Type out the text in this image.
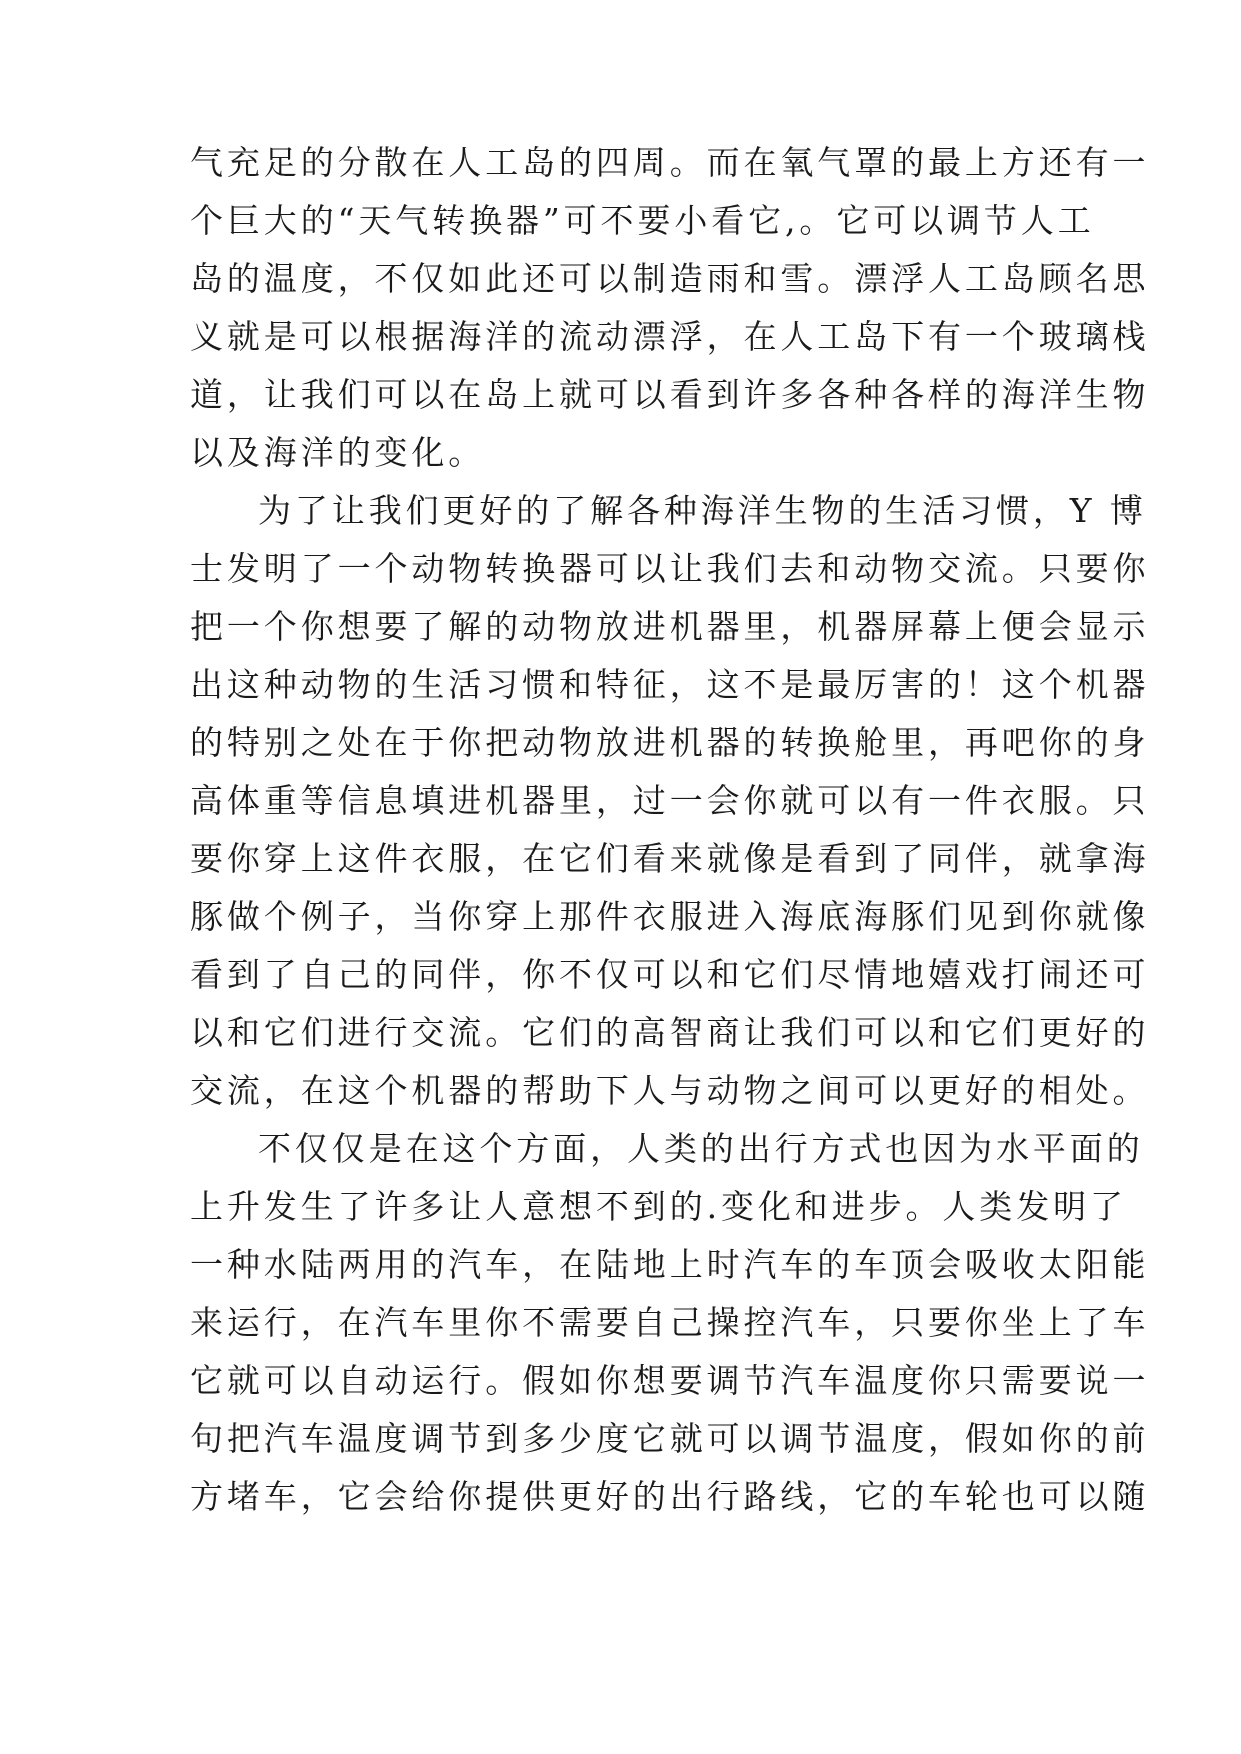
气充足的分散在人工岛的四周。而在氧气罩的最上方还有一
个巨大的“天气转换器”可不要小看它,。它可以调节人工
岛的温度，不仅如此还可以制造雨和雪。漂浮人工岛顾名思
义就是可以根据海洋的流动漂浮，在人工岛下有一个玻璃栈
道，让我们可以在岛上就可以看到许多各种各样的海洋生物
以及海洋的变化。
为了让我们更好的了解各种海洋生物的生活习惯，Y 博
士发明了一个动物转换器可以让我们去和动物交流。只要你
把一个你想要了解的动物放进机器里，机器屏幕上便会显示
出这种动物的生活习惯和特征，这不是最厉害的！这个机器
的特别之处在于你把动物放进机器的转换舱里，再吧你的身
高体重等信息填进机器里，过一会你就可以有一件衣服。只
要你穿上这件衣服，在它们看来就像是看到了同伴，就拿海
豚做个例子，当你穿上那件衣服进入海底海豚们见到你就像
看到了自己的同伴，你不仅可以和它们尽情地嬉戏打闹还可
以和它们进行交流。它们的高智商让我们可以和它们更好的
交流，在这个机器的帮助下人与动物之间可以更好的相处。
不仅仅是在这个方面，人类的出行方式也因为水平面的
上升发生了许多让人意想不到的.变化和进步。人类发明了
一种水陆两用的汽车，在陆地上时汽车的车顶会吸收太阳能
来运行，在汽车里你不需要自己操控汽车，只要你坐上了车
它就可以自动运行。假如你想要调节汽车温度你只需要说一
句把汽车温度调节到多少度它就可以调节温度，假如你的前
方堵车，它会给你提供更好的出行路线，它的车轮也可以随
